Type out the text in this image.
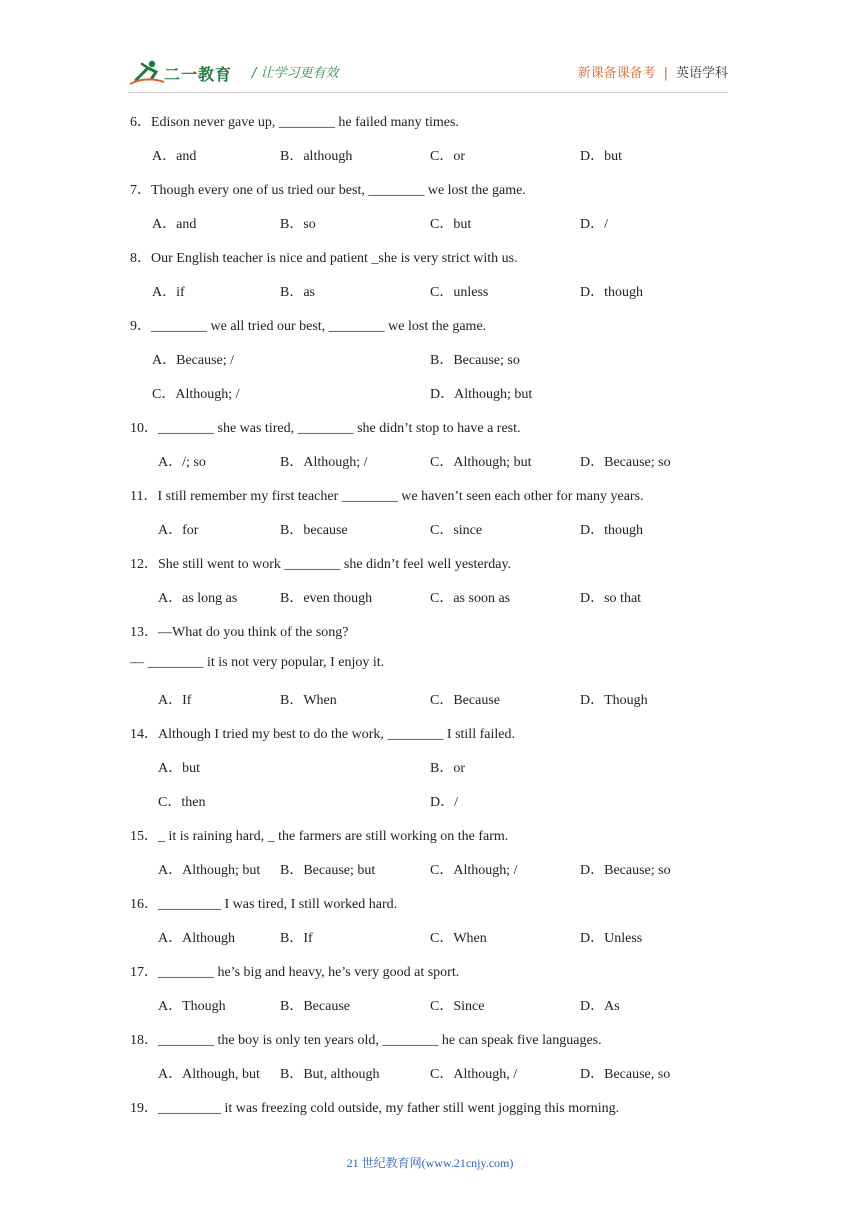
二一教育 / 让学习更有效	新课备课备考 | 英语学科
6．Edison never gave up, ________ he failed many times.
A．and	B．although	C．or	D．but
7．Though every one of us tried our best, ________ we lost the game.
A．and	B．so	C．but	D．/
8．Our English teacher is nice and patient _she is very strict with us.
A．if	B．as	C．unless	D．though
9．________ we all tried our best, ________ we lost the game.
A．Because; /	B．Because; so
C．Although; /	D．Although; but
10．________ she was tired, ________ she didn’t stop to have a rest.
A．/; so	B．Although; /	C．Although; but	D．Because; so
11．I still remember my first teacher ________ we haven’t seen each other for many years.
A．for	B．because	C．since	D．though
12．She still went to work ________ she didn’t feel well yesterday.
A．as long as	B．even though	C．as soon as	D．so that
13．—What do you think of the song?
— ________ it is not very popular, I enjoy it.
A．If	B．When	C．Because	D．Though
14．Although I tried my best to do the work, ________ I still failed.
A．but	B．or
C．then	D．/
15．_ it is raining hard, _ the farmers are still working on the farm.
A．Although; but B．Because; but	C．Although; /	D．Because; so
16．_________ I was tired, I still worked hard.
A．Although	B．If	C．When	D．Unless
17．________ he’s big and heavy, he’s very good at sport.
A．Though	B．Because	C．Since	D．As
18．________ the boy is only ten years old, ________ he can speak five languages.
A．Although, but B．But, although	C．Although, /	D．Because, so
19．_________ it was freezing cold outside, my father still went jogging this morning.
21 世纪教育网(www.21cnjy.com)
